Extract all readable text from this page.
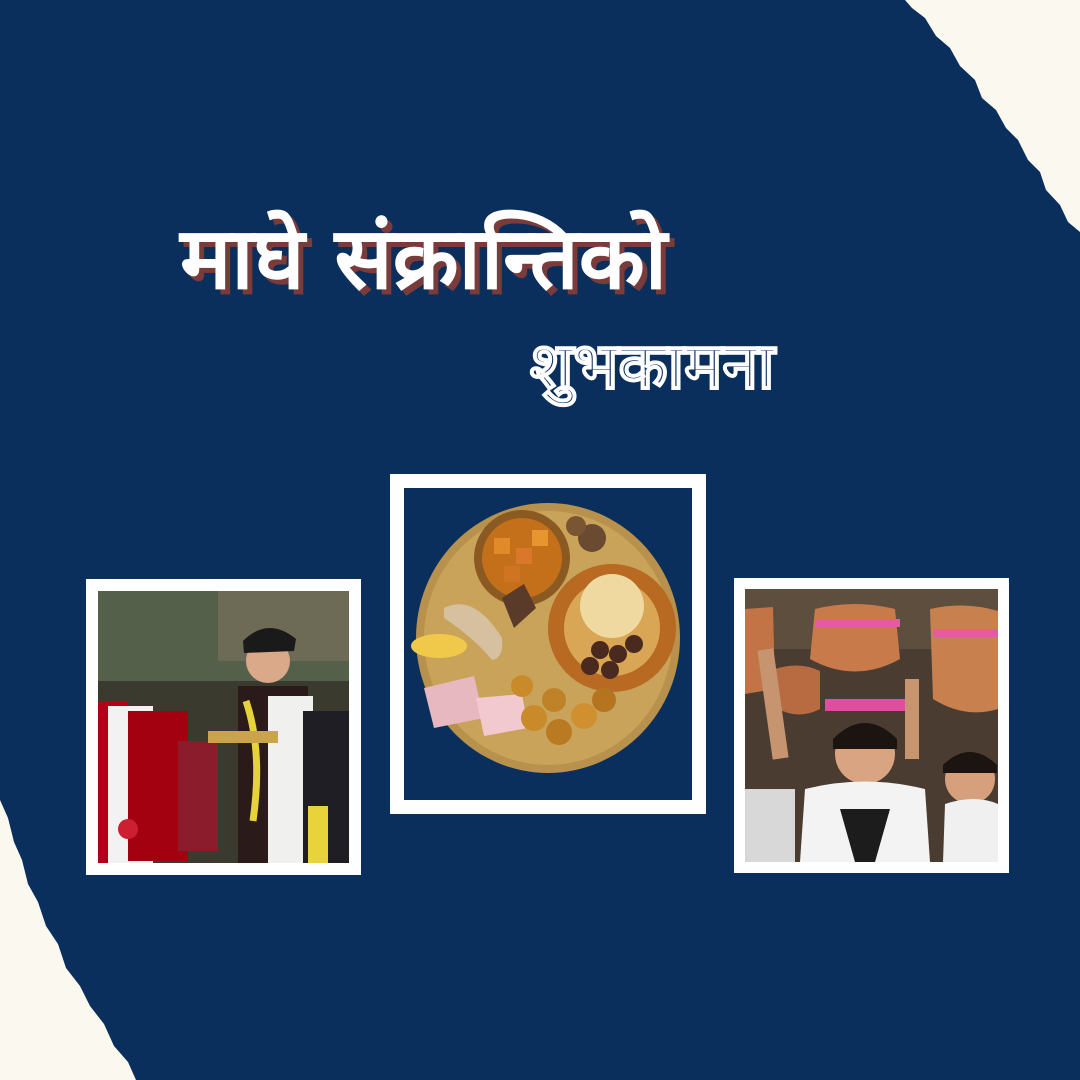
माघे संक्रान्तिको
शुभकामना
